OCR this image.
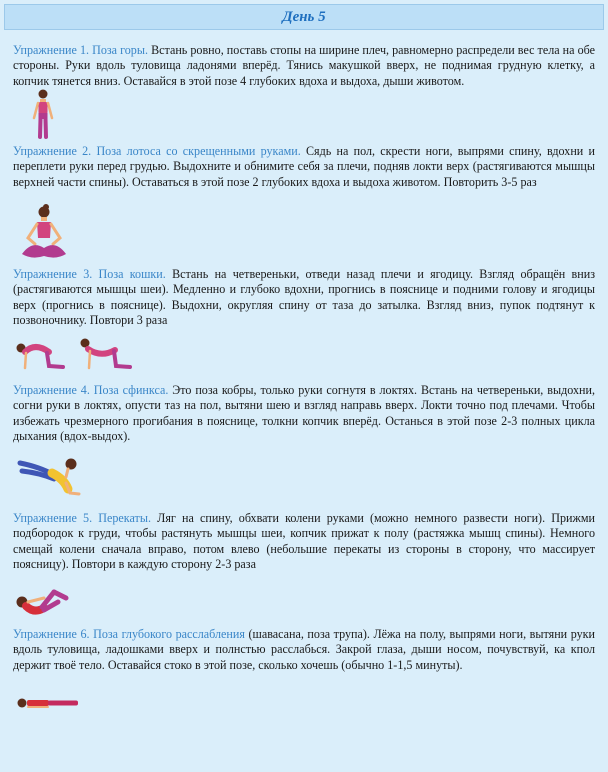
День 5
Упражнение 1. Поза горы. Встань ровно, поставь стопы на ширине плеч, равномерно распредели вес тела на обе стороны. Руки вдоль туловища ладонями вперёд. Тянись макушкой вверх, не поднимая грудную клетку, а копчик тянется вниз. Оставайся в этой позе 4 глубоких вдоха и выдоха, дыши животом.
Упражнение 2. Поза лотоса со скрещенными руками. Сядь на пол, скрести ноги, выпрями спину, вдохни и переплети руки перед грудью. Выдохните и обнимите себя за плечи, подняв локти верх (растягиваются мышцы верхней части спины). Оставаться в этой позе 2 глубоких вдоха и выдоха животом. Повторить 3-5 раз
Упражнение 3. Поза кошки. Встань на четвереньки, отведи назад плечи и ягодицу. Взгляд обращён вниз (растягиваются мышцы шеи). Медленно и глубоко вдохни, прогнись в пояснице и подними голову и ягодицы верх (прогнись в пояснице). Выдохни, округляя спину от таза до затылка. Взгляд вниз, пупок подтянут к позвоночнику. Повтори 3 раза
Упражнение 4. Поза сфинкса. Это поза кобры, только руки согнутя в локтях. Встань на четвереньки, выдохни, согни руки в локтях, опусти таз на пол, вытяни шею и взгляд направь вверх. Локти точно под плечами. Чтобы избежать чрезмерного прогибания в пояснице, толкни копчик вперёд. Останься в этой позе 2-3 полных цикла дыхания (вдох-выдох).
Упражнение 5. Перекаты. Ляг на спину, обхвати колени руками (можно немного развести ноги). Прижми подбородок к груди, чтобы растянуть мышцы шеи, копчик прижат к полу (растяжка мышц спины). Немного смещай колени сначала вправо, потом влево (небольшие перекаты из стороны в сторону, что массирует поясницу). Повтори в каждую сторону 2-3 раза
Упражнение 6. Поза глубокого расслабления (шавасана, поза трупа). Лёжа на полу, выпрями ноги, вытяни руки вдоль туловища, ладошками вверх и полнстью расслабься. Закрой глаза, дыши носом, почувствуй, ка кпол держит твоё тело. Оставайся стоко в этой позе, сколько хочешь (обычно 1-1,5 минуты).
